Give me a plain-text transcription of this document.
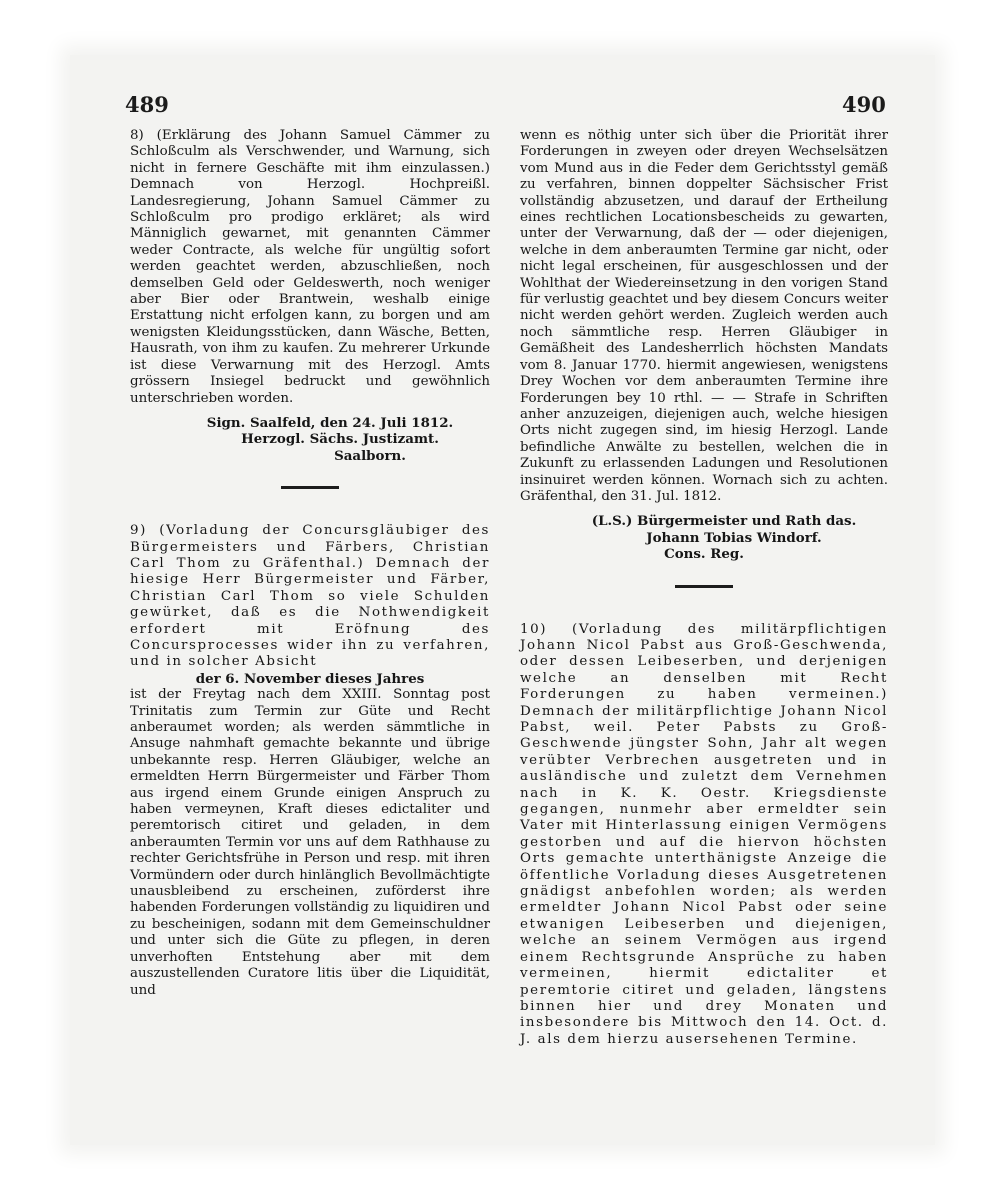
489	490

8) (Erklärung des Johann Samuel Cämmer zu Schloßculm als Verschwender, und Warnung, sich nicht in fernere Geschäfte mit ihm einzulassen.) Demnach von Herzogl. Hochpreißl. Landesregierung, Johann Samuel Cämmer zu Schloßculm pro prodigo erkläret; als wird Männiglich gewarnet, mit genannten Cämmer weder Contracte, als welche für ungültig sofort werden geachtet werden, abzuschließen, noch demselben Geld oder Geldeswerth, noch weniger aber Bier oder Brantwein, weshalb einige Erstattung nicht erfolgen kann, zu borgen und am wenigsten Kleidungsstücken, dann Wäsche, Betten, Hausrath, von ihm zu kaufen. Zu mehrerer Urkunde ist diese Verwarnung mit des Herzogl. Amts grössern Insiegel bedruckt und gewöhnlich unterschrieben worden.

Sign. Saalfeld, den 24. Juli 1812.

Herzogl. Sächs. Justizamt.

Saalborn.

9) (Vorladung der Concursgläubiger des Bürgermeisters und Färbers, Christian Carl Thom zu Gräfenthal.) Demnach der hiesige Herr Bürgermeister und Färber, Christian Carl Thom so viele Schulden gewürket, daß es die Nothwendigkeit erfordert mit Eröfnung des Concursprocesses wider ihn zu verfahren, und in solcher Absicht

der 6. November dieses Jahres

ist der Freytag nach dem XXIII. Sonntag post Trinitatis zum Termin zur Güte und Recht anberaumet worden; als werden sämmtliche in Ansuge nahmhaft gemachte bekannte und übrige unbekannte resp. Herren Gläubiger, welche an ermeldten Herrn Bürgermeister und Färber Thom aus irgend einem Grunde einigen Anspruch zu haben vermeynen, Kraft dieses edictaliter und peremtorisch citiret und geladen, in dem anberaumten Termin vor uns auf dem Rathhause zu rechter Gerichtsfrühe in Person und resp. mit ihren Vormündern oder durch hinlänglich Bevollmächtigte unausbleibend zu erscheinen, zuförderst ihre habenden Forderungen vollständig zu liquidiren und zu bescheinigen, sodann mit dem Gemeinschuldner und unter sich die Güte zu pflegen, in deren unverhoften Entstehung aber mit dem auszustellenden Curatore litis über die Liquidität, und

wenn es nöthig unter sich über die Priorität ihrer Forderungen in zweyen oder dreyen Wechselsätzen vom Mund aus in die Feder dem Gerichtsstyl gemäß zu verfahren, binnen doppelter Sächsischer Frist vollständig abzusetzen, und darauf der Ertheilung eines rechtlichen Locationsbescheids zu gewarten, unter der Verwarnung, daß der — oder diejenigen, welche in dem anberaumten Termine gar nicht, oder nicht legal erscheinen, für ausgeschlossen und der Wohlthat der Wiedereinsetzung in den vorigen Stand für verlustig geachtet und bey diesem Concurs weiter nicht werden gehört werden. Zugleich werden auch noch sämmtliche resp. Herren Gläubiger in Gemäßheit des Landesherrlich höchsten Mandats vom 8. Januar 1770. hiermit angewiesen, wenigstens Drey Wochen vor dem anberaumten Termine ihre Forderungen bey 10 rthl. — — Strafe in Schriften anher anzuzeigen, diejenigen auch, welche hiesigen Orts nicht zugegen sind, im hiesig Herzogl. Lande befindliche Anwälte zu bestellen, welchen die in Zukunft zu erlassenden Ladungen und Resolutionen insinuiret werden können. Wornach sich zu achten. Gräfenthal, den 31. Jul. 1812.

(L.S.) Bürgermeister und Rath das.

Johann Tobias Windorf.

Cons. Reg.

10) (Vorladung des militärpflichtigen Johann Nicol Pabst aus Groß-Geschwenda, oder dessen Leibeserben, und derjenigen welche an denselben mit Recht Forderungen zu haben vermeinen.) Demnach der militärpflichtige Johann Nicol Pabst, weil. Peter Pabsts zu Groß-Geschwende jüngster Sohn, Jahr alt wegen verübter Verbrechen ausgetreten und in ausländische und zuletzt dem Vernehmen nach in K. K. Oestr. Kriegsdienste gegangen, nunmehr aber ermeldter sein Vater mit Hinterlassung einigen Vermögens gestorben und auf die hiervon höchsten Orts gemachte unterthänigste Anzeige die öffentliche Vorladung dieses Ausgetretenen gnädigst anbefohlen worden; als werden ermeldter Johann Nicol Pabst oder seine etwanigen Leibeserben und diejenigen, welche an seinem Vermögen aus irgend einem Rechtsgrunde Ansprüche zu haben vermeinen, hiermit edictaliter et peremtorie citiret und geladen, längstens binnen hier und drey Monaten und insbesondere bis Mittwoch den 14. Oct. d. J. als dem hierzu ausersehenen Termine.
